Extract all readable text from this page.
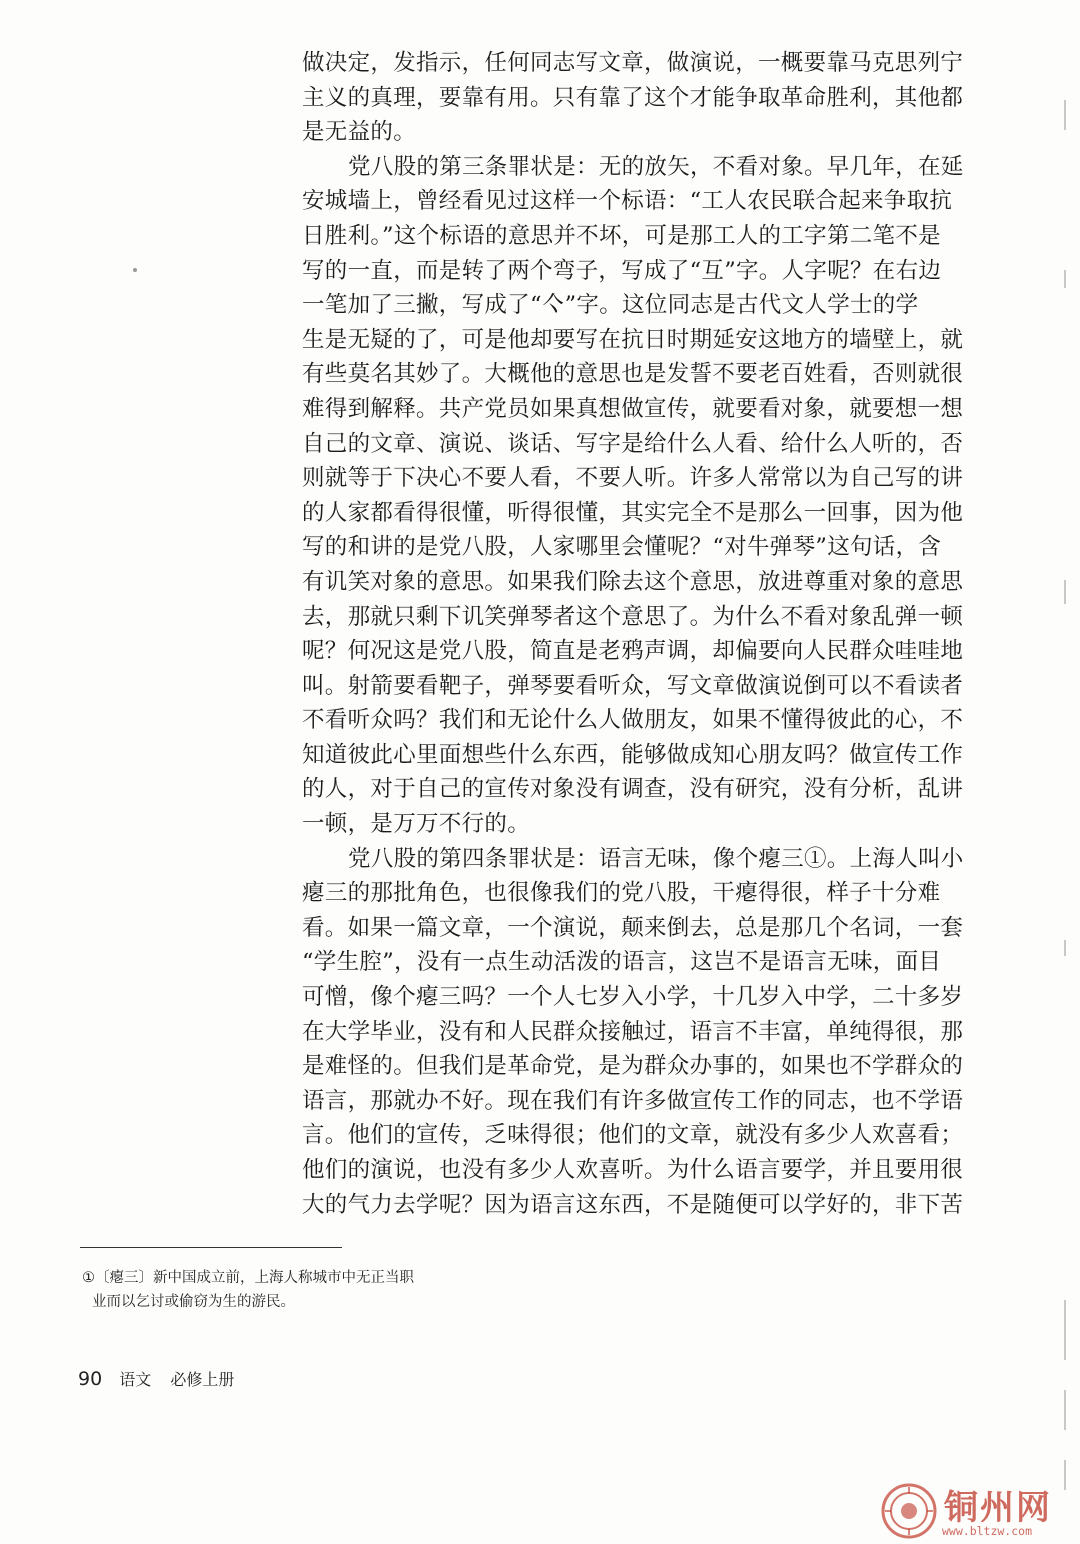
做决定，发指示，任何同志写文章，做演说，一概要靠马克思列宁
主义的真理，要靠有用。只有靠了这个才能争取革命胜利，其他都
是无益的。
党八股的第三条罪状是：无的放矢，不看对象。早几年，在延
安城墙上，曾经看见过这样一个标语：“工人农民联合起来争取抗
日胜利。”这个标语的意思并不坏，可是那工人的工字第二笔不是
写的一直，而是转了两个弯子，写成了“互”字。人字呢？在右边
一笔加了三撇，写成了“亽”字。这位同志是古代文人学士的学
生是无疑的了，可是他却要写在抗日时期延安这地方的墙壁上，就
有些莫名其妙了。大概他的意思也是发誓不要老百姓看，否则就很
难得到解释。共产党员如果真想做宣传，就要看对象，就要想一想
自己的文章、演说、谈话、写字是给什么人看、给什么人听的，否
则就等于下决心不要人看，不要人听。许多人常常以为自己写的讲
的人家都看得很懂，听得很懂，其实完全不是那么一回事，因为他
写的和讲的是党八股，人家哪里会懂呢？“对牛弹琴”这句话，含
有讥笑对象的意思。如果我们除去这个意思，放进尊重对象的意思
去，那就只剩下讥笑弹琴者这个意思了。为什么不看对象乱弹一顿
呢？何况这是党八股，简直是老鸦声调，却偏要向人民群众哇哇地
叫。射箭要看靶子，弹琴要看听众，写文章做演说倒可以不看读者
不看听众吗？我们和无论什么人做朋友，如果不懂得彼此的心，不
知道彼此心里面想些什么东西，能够做成知心朋友吗？做宣传工作
的人，对于自己的宣传对象没有调查，没有研究，没有分析，乱讲
一顿，是万万不行的。
党八股的第四条罪状是：语言无味，像个瘪三①。上海人叫小
瘪三的那批角色，也很像我们的党八股，干瘪得很，样子十分难
看。如果一篇文章，一个演说，颠来倒去，总是那几个名词，一套
“学生腔”，没有一点生动活泼的语言，这岂不是语言无味，面目
可憎，像个瘪三吗？一个人七岁入小学，十几岁入中学，二十多岁
在大学毕业，没有和人民群众接触过，语言不丰富，单纯得很，那
是难怪的。但我们是革命党，是为群众办事的，如果也不学群众的
语言，那就办不好。现在我们有许多做宣传工作的同志，也不学语
言。他们的宣传，乏味得很；他们的文章，就没有多少人欢喜看；
他们的演说，也没有多少人欢喜听。为什么语言要学，并且要用很
大的气力去学呢？因为语言这东西，不是随便可以学好的，非下苦
①〔瘪三〕新中国成立前，上海人称城市中无正当职
业而以乞讨或偷窃为生的游民。
90 语文 必修上册
铜州网
www.bltzw.com
